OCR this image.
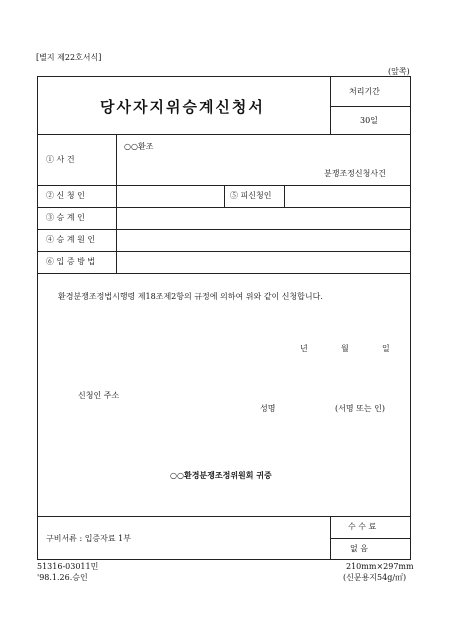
[별지 제22호서식]
(앞쪽)
당사자지위승계신청서
처리기간
30일
① 사 건
○○환조
분쟁조정신청사건
② 신 청 인	⑤ 피신청인
③ 승 계 인
④ 승 계 원 인
⑥ 입 증 방 법
환경분쟁조정법시행령 제18조제2항의 규정에 의하여 위와 같이 신청합니다.
년	월	일
신청인 주소
성명	(서명 또는 인)
○○환경분쟁조정위원회 귀중
구비서류 : 입증자료 1부
수 수 료
없 음
51316-03011민
'98.1.26.승인
210mm×297mm
(신문용지54g/㎡)
